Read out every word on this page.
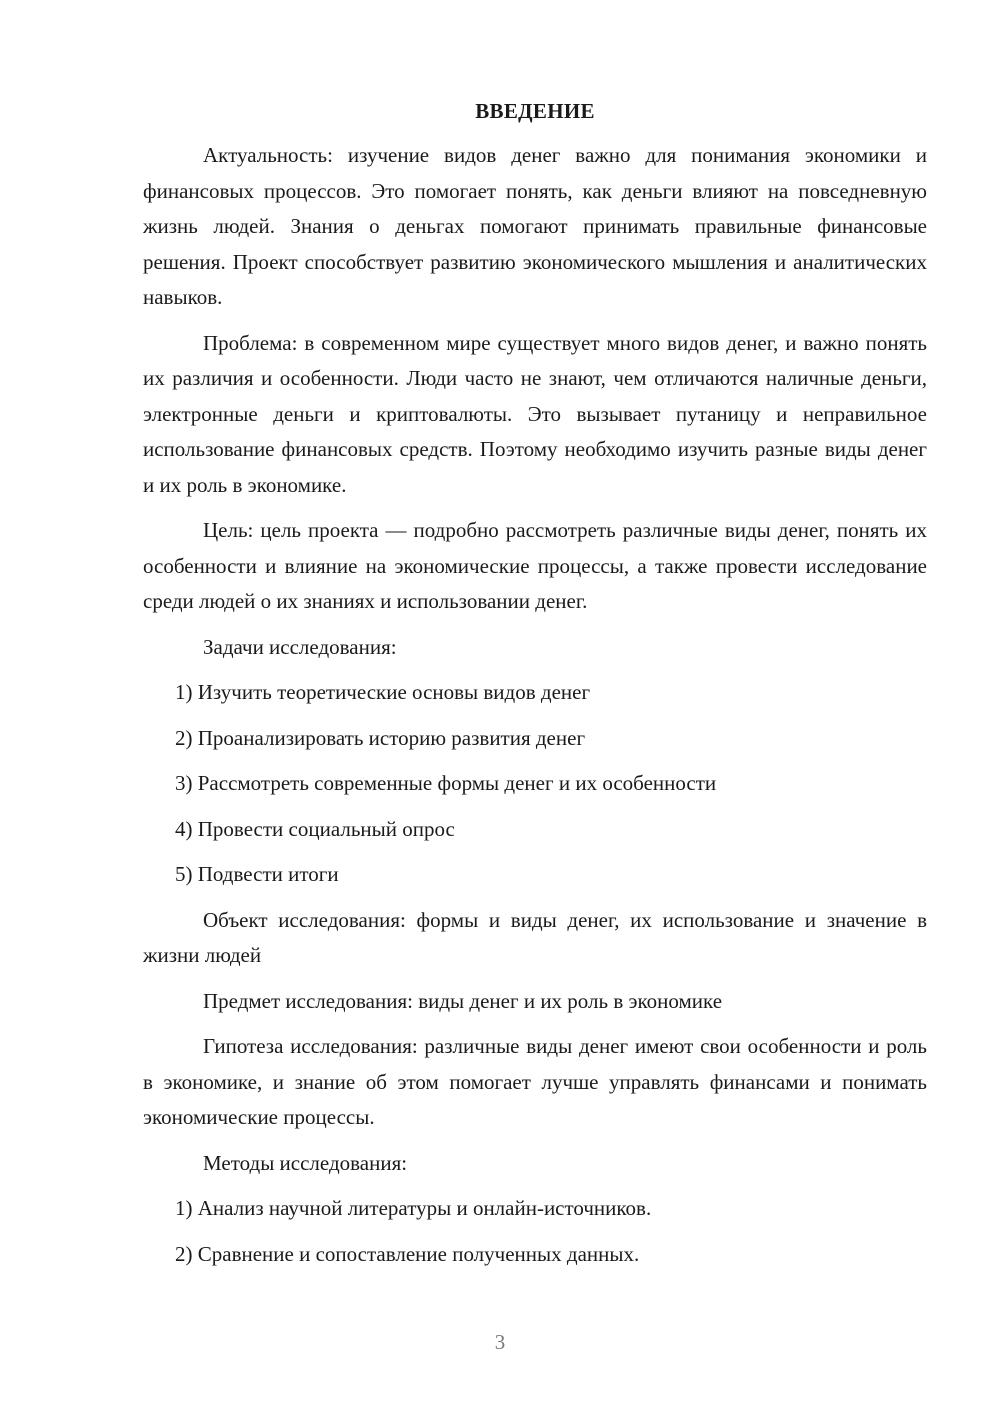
ВВЕДЕНИЕ

Актуальность: изучение видов денег важно для понимания экономики и финансовых процессов. Это помогает понять, как деньги влияют на повседневную жизнь людей. Знания о деньгах помогают принимать правильные финансовые решения. Проект способствует развитию экономического мышления и аналитических навыков.

Проблема: в современном мире существует много видов денег, и важно понять их различия и особенности. Люди часто не знают, чем отличаются наличные деньги, электронные деньги и криптовалюты. Это вызывает путаницу и неправильное использование финансовых средств. Поэтому необходимо изучить разные виды денег и их роль в экономике.

Цель: цель проекта — подробно рассмотреть различные виды денег, понять их особенности и влияние на экономические процессы, а также провести исследование среди людей о их знаниях и использовании денег.

Задачи исследования:

1) Изучить теоретические основы видов денег
2) Проанализировать историю развития денег
3) Рассмотреть современные формы денег и их особенности
4) Провести социальный опрос
5) Подвести итоги

Объект исследования: формы и виды денег, их использование и значение в жизни людей

Предмет исследования: виды денег и их роль в экономике

Гипотеза исследования: различные виды денег имеют свои особенности и роль в экономике, и знание об этом помогает лучше управлять финансами и понимать экономические процессы.

Методы исследования:

1) Анализ научной литературы и онлайн-источников.
2) Сравнение и сопоставление полученных данных.
3
